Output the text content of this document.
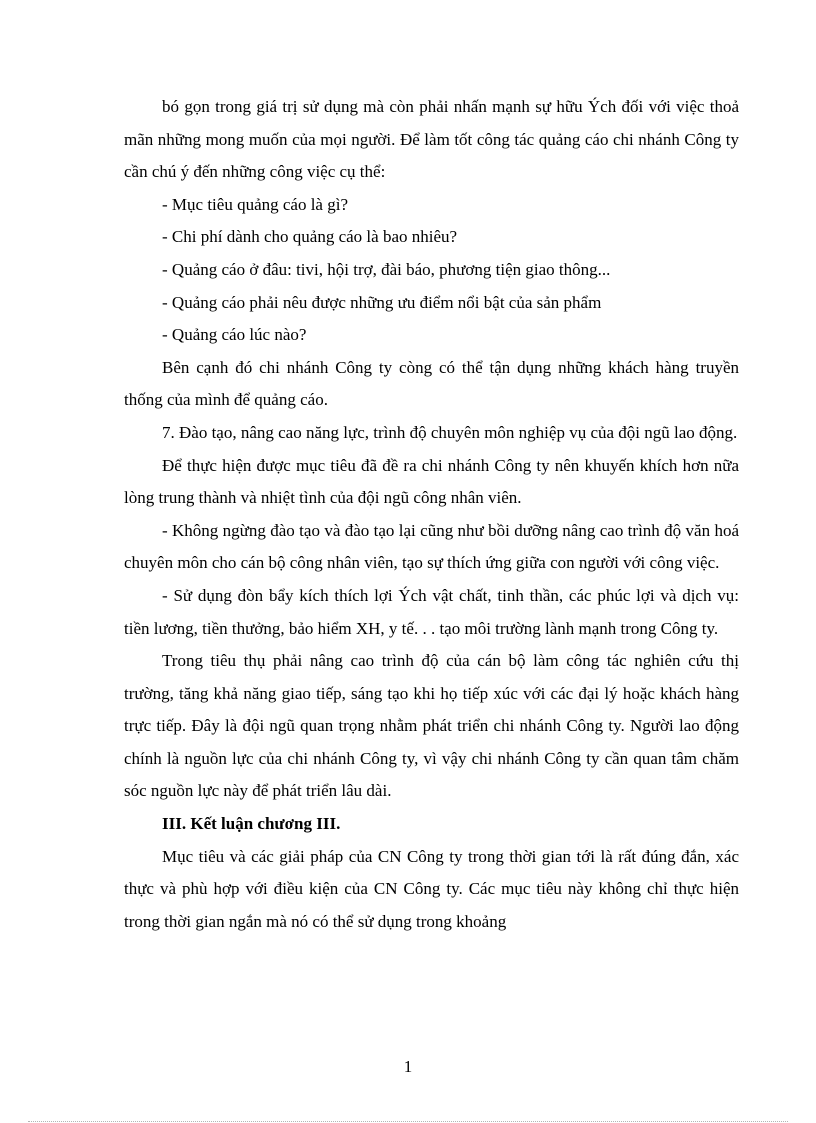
bó gọn trong giá trị sử dụng mà còn phải nhấn mạnh sự hữu Ých đối với việc thoả mãn những mong muốn của mọi người. Để làm tốt công tác quảng cáo chi nhánh Công ty cần chú ý đến những công việc cụ thể:

- Mục tiêu quảng cáo là gì?

- Chi phí dành cho quảng cáo là bao nhiêu?

- Quảng cáo ở đâu: tivi, hội trợ, đài báo, phương tiện giao thông...

- Quảng cáo phải nêu được những ưu điểm nổi bật của sản phẩm

- Quảng cáo lúc nào?

Bên cạnh đó chi nhánh Công ty còng có thể tận dụng những khách hàng truyền thống của mình để quảng cáo.

7. Đào tạo, nâng cao năng lực, trình độ chuyên môn nghiệp vụ của đội ngũ lao động.

Để thực hiện được mục tiêu đã đề ra chi nhánh Công ty nên khuyến khích hơn nữa lòng trung thành và nhiệt tình của đội ngũ công nhân viên.

- Không ngừng đào tạo và đào tạo lại cũng như bồi dưỡng nâng cao trình độ văn hoá chuyên môn cho cán bộ công nhân viên, tạo sự thích ứng giữa con người với công việc.

- Sử dụng đòn bẩy kích thích lợi Ých vật chất, tinh thần, các phúc lợi và dịch vụ: tiền lương, tiền thưởng, bảo hiểm XH, y tế. . . tạo môi trường lành mạnh trong Công ty.

Trong tiêu thụ phải nâng cao trình độ của cán bộ làm công tác nghiên cứu thị trường, tăng khả năng giao tiếp, sáng tạo khi họ tiếp xúc với các đại lý hoặc khách hàng trực tiếp. Đây là đội ngũ quan trọng nhằm phát triển chi nhánh Công ty. Người lao động chính là nguồn lực của chi nhánh Công ty, vì vậy chi nhánh Công ty cần quan tâm chăm sóc nguồn lực này để phát triển lâu dài.

III. Kết luận chương III.

Mục tiêu và các giải pháp của CN Công ty trong thời gian tới là rất đúng đắn, xác thực và phù hợp với điều kiện của CN Công ty. Các mục tiêu này không chỉ thực hiện trong thời gian ngắn mà nó có thể sử dụng trong khoảng

1
